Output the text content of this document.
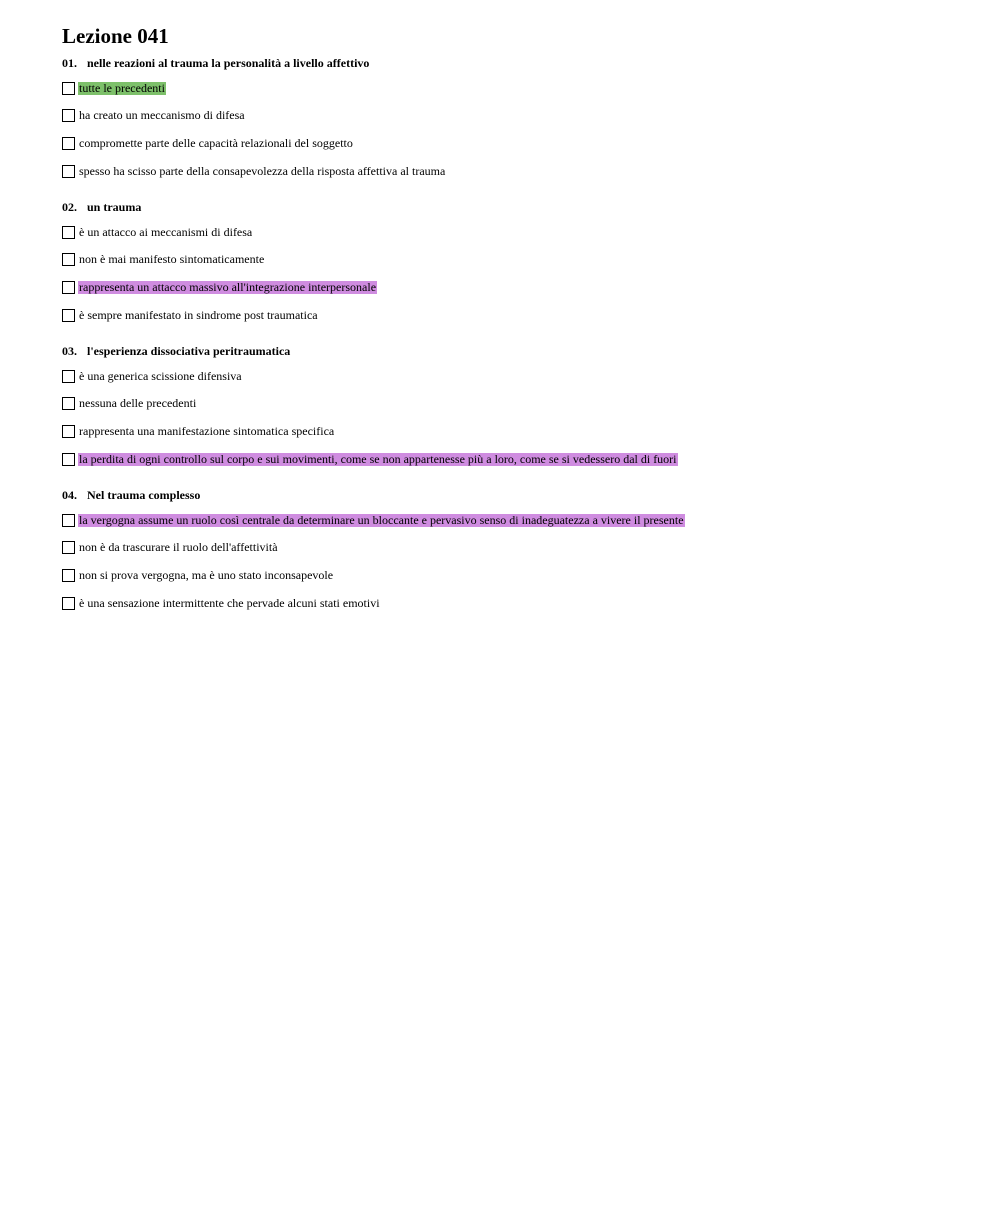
Lezione 041
01. nelle reazioni al trauma la personalità a livello affettivo
tutte le precedenti
ha creato un meccanismo di difesa
compromette parte delle capacità relazionali del soggetto
spesso ha scisso parte della consapevolezza della risposta affettiva al trauma
02. un trauma
è un attacco ai meccanismi di difesa
non è mai manifesto sintomaticamente
rappresenta un attacco massivo all'integrazione interpersonale
è sempre manifestato in sindrome post traumatica
03. l'esperienza dissociativa peritraumatica
è una generica scissione difensiva
nessuna delle precedenti
rappresenta una manifestazione sintomatica specifica
la perdita di ogni controllo sul corpo e sui movimenti, come se non appartenesse più a loro, come se si vedessero dal di fuori
04. Nel trauma complesso
la vergogna assume un ruolo così centrale da determinare un bloccante e pervasivo senso di inadeguatezza a vivere il presente
non è da trascurare il ruolo dell'affettività
non si prova vergogna, ma è uno stato inconsapevole
è una sensazione intermittente che pervade alcuni stati emotivi
